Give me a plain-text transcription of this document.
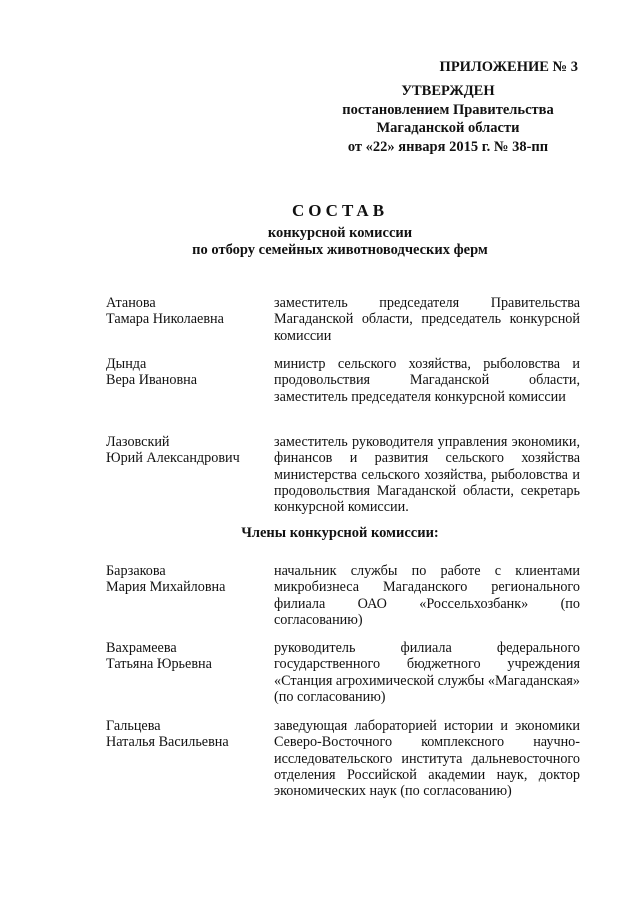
ПРИЛОЖЕНИЕ № 3
УТВЕРЖДЕН
постановлением Правительства
Магаданской области
от «22» января 2015 г. № 38-пп
СОСТАВ
конкурсной комиссии
по отбору семейных животноводческих ферм
Атанова
Тамара Николаевна
заместитель председателя Правительства Магаданской области, председатель конкурсной комиссии
Дында
Вера Ивановна
министр сельского хозяйства, рыболовства и продовольствия Магаданской области, заместитель председателя конкурсной комиссии
Лазовский
Юрий Александрович
заместитель руководителя управления экономики, финансов и развития сельского хозяйства министерства сельского хозяйства, рыболовства и продовольствия Магаданской области, секретарь конкурсной комиссии.
Члены конкурсной комиссии:
Барзакова
Мария Михайловна
начальник службы по работе с клиентами микробизнеса Магаданского регионального филиала ОАО «Россельхозбанк» (по согласованию)
Вахрамеева
Татьяна Юрьевна
руководитель филиала федерального государственного бюджетного учреждения «Станция агрохимической службы «Магаданская» (по согласованию)
Гальцева
Наталья Васильевна
заведующая лабораторией истории и экономики Северо-Восточного комплексного научно-исследовательского института дальневосточного отделения Российской академии наук, доктор экономических наук (по согласованию)
